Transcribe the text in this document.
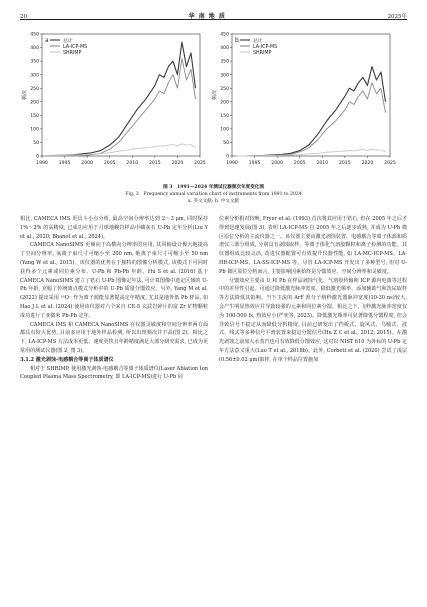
20	华 南 地 质	2025年
a
1990 1995 2000 2005 2010 2015 2020 2025
0
50
100
150
200
250
300
350
400
450
频次
总计
LA-ICP-MS
SHRIMP
b
1990 1995 2000 2005 2010 2015 2020 2025
0
50
100
150
200
250
300
350
400
450
频次
总计
LA-ICP-MS
SHRIMP
图 3　1991—2024 年测试仪器频次年度变化图
Fig. 3　Frequency annual variation chart of instruments from 1991 to 2024
a. 英文文献; b. 中文文献

相比, CAMECA IMS 更具斗小点分析, 最高空间分辨率达到 2～3 μm, 同时保持 1%～2% 的高精度, 已成功应用于月球地幔岩样品中磷灰石 U-Pb 定年分析(Liu Y et al., 2020; Bhanot et al., 2024)。

CAMECA NanoSIMS 更倾向于高横向分辨率的应用, 其同轴设计极大地提高了空间分辨率, 氧离子束尺寸可缩小至 200 nm, 铯离子束尺寸可缩小至 50 nm (Yang W et al., 2015)。该仪器的优势在于独特的图像分析模式, 该模式下可同时获得多个元素或同位素分布、U-Pb 和 Pb-Pb 年龄。Hu S et al. (2016) 基于 CAMECA NanoSIMS 建立了锆石 U-Pb 图像定年法, 可计算图像中选定区域的 U-Pb 年龄, 克服了传统离点模式分析中的 U-Pb 质量分馏效应。另外, Yang M et al. (2022) 提出采用 ¹⁶O⁻ 作为离子源能显著提高定年精度, 尤其是地外低 Pb 样品, 如 Hao J L et al. (2024) 使用该仪器对六个来自 CE-5 玄武岩碎片的富 Zr 矿物颗粒成功进行了亚微米 Pb-Pb 定年。

CAMECA IMS 和 CAMECA NanoSIMS 在仪器灵敏度和空间分辨率两方面都具有较大优势, 目前多应用于地外样品检测, 所以出现频次并不高(图 2)。相比之下, LA-ICP-MS 方法成本更低、速度更快且年龄精度满足大部分研究需求, 已成为更常用的测试仪器(图 2, 图 3)。

3.1.2 激光剥蚀-电感耦合等离子体质谱仪

相对于 SHRIMP, 使用激光剥蚀-电感耦合等离子体质谱仪(Laser Ablation Ion Coupled Plasma Mass Spectrometry, 即 LA-ICP-MS)进行 U-Pb 同

位素分析相对较晚, Fryer et al. (1993) 首次将其应用于锆石, 但在 2005 年之后才得到迅速发展(图 3), 表明 LA-ICP-MS 自 2005 年之后逐步成熟, 并成为 U-Pb 微区原位分析的主流仪器之一。该仪器主要由激光剥蚀装置、电感耦合等离子体源和质谱仪三部分组成, 分别具有剥蚀取样、等离子体化气溶胶颗粒和离子检测的功能。其仪器组成比较灵活, 改进仪器配置可有效提升仪器性能, 如 LA-MC-ICP-MS、LA-HR-ICP-MS、LA-SS-ICP-MS 等。尽管 LA-ICP-MS 开发出了多种型号, 但对 U-Pb 微区原位分析而言, 主要影响因素始终是分馏效应、空间分辨率和灵敏度。

分馏效应主要由 U 和 Pb 在样品剥蚀气化、气溶胶传输和 ICP 源内电离等过程中的差异性引起。可通过降低激光脉冲宽度、降低激光频率、添加辅助气和洗尿取样等方法降低其影响。当下主流的 ArF 准分子纳秒激光器脉冲宽度(10-30 ns)较大, 会产生明显热效应并导致较强的元素和同位素分馏。相比之下, 飞秒激光脉冲宽度仅为 100-500 fs, 热效应小(严奕等, 2023)。降低激光频率可显著降低分馏程度, 但会导致信号不稳定从而降低分析精度, 目前已研发出了挡板式、旋风式、乌贼式、波式、线式等多种信号平滑装置来稳定分馏信号(Hu Z C et al., 2012, 2015)。在激光剥蚀之前加入水蒸汽也可有效降低分馏效应, 这对以 NIST 610 为外标的 U-Pb 定年方法意义重大(Luo T et al., 2018b)。此外, Corbett et al. (2020) 尝试了浅层(0.56±0.02 μm)取样, 在单个样品位置施加
